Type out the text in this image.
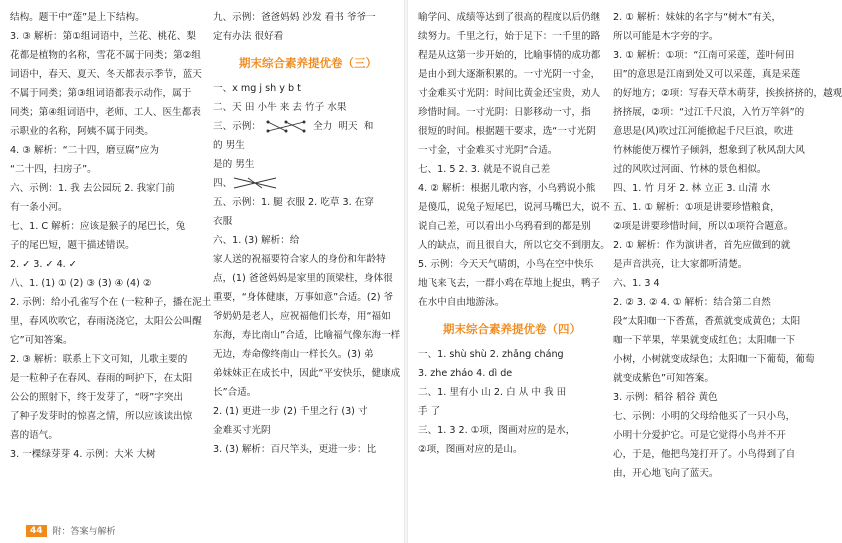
结构。题干中“莲”是上下结构。
3. ③ 解析：第①组词语中，兰花、桃花、梨
花都是植物的名称，雪花不属于同类；第②组
词语中，春天、夏天、冬天都表示季节，蓝天
不属于同类；第③组词语都表示动作，属于
同类；第④组词语中，老师、工人、医生都表
示职业的名称，阿姨不属于同类。
4. ③ 解析：“二十四，磨豆腐”应为
“二十四，扫房子”。
六、示例：1. 我 去公园玩 2. 我家门前
有一条小河。
七、1. C 解析：应该是猴子的尾巴长，兔
子的尾巴短，题干描述错误。
2. ✓ 3. ✓ 4. ✓
八、1. (1) ① (2) ③ (3) ④ (4) ②
2. 示例：给小孔雀写个在 (一粒种子，播在泥土
里，春风吹吹它，春雨浇浇它，太阳公公叫醒
它”可知答案。
2. ③ 解析：联系上下文可知，儿歌主要的
是一粒种子在春风、春雨的呵护下，在太阳
公公的照射下，终于发芽了，“呀”字突出
了种子发芽时的惊喜之情，所以应该读出惊
喜的语气。
3. 一棵绿芽芽 4. 示例：大米 大树
九、示例：爸爸妈妈 沙发 看书 爷爷一
定有办法 很好看
期末综合素养提优卷（三）
一、x mg j sh y b t
二、天 田 小牛 来 去 竹子 水果
三、示例：	全力 明天 和
的 男生
是的 男生
四、
五、示例：1. 腿 衣服 2. 吃草 3. 在穿
衣服
六、1. (3) 解析：给
家人送的祝福要符合家人的身份和年龄特
点，(1) 爸爸妈妈是家里的顶梁柱，身体很
重要，“身体健康，万事如意”合适。(2) 爷
爷奶奶是老人，应祝福他们长寿，用“福如
东海，寿比南山”合适，比喻福气像东海一样
无边，寿命像终南山一样长久。(3) 弟
弟妹妹正在成长中，因此“平安快乐，健康成
长”合适。
2. (1) 更进一步 (2) 千里之行 (3) 寸
金难买寸光阴
3. (3) 解析：百尺竿头，更进一步：比
喻学问、成绩等达到了很高的程度以后仍继
续努力。千里之行，始于足下：一千里的路
程是从这第一步开始的，比喻事情的成功都
是由小到大逐渐积累的。一寸光阴一寸金，
寸金难买寸光阴：时间比黄金还宝贵，劝人
珍惜时间。一寸光阴：日影移动一寸，指
很短的时间。根据题干要求，选“一寸光阴
一寸金，寸金难买寸光阴”合适。
七、1. 5 2. 3. 就是不说自己差
4. ② 解析：根据儿歌内容，小乌鸦说小熊
是傻瓜，说兔子短尾巴，说河马嘴巴大，说不
说自己差，可以看出小乌鸦看到的都是别
人的缺点，而且很自大，所以它交不到朋友。
5. 示例：今天天气晴朗，小鸟在空中快乐
地飞来飞去，一群小鸡在草地上捉虫，鸭子
在水中自由地游泳。
期末综合素养提优卷（四）
一、1. shù shù 2. zhǎng cháng
3. zhe zháo 4. dì de
二、1. 里有小 山 2. 白 从 中 我 田
手 了
三、1. 3 2. ①项，图画对应的是水，
②项，图画对应的是山。
2. ① 解析：妹妹的名字与“树木”有关，
所以可能是木字旁的字。
3. ① 解析：①项：“江南可采莲，莲叶何田
田”的意思是江南到处又可以采莲，真是采莲
的好地方；②项：写春天草木萌芽，挨挨挤挤的，越观
挤挤展，②项：“过江千尺浪，入竹万竿斜”的
意思是(风)吹过江河能掀起千尺巨浪，吹进
竹林能使万棵竹子倾斜，想象到了秋风刮大风
过的风吹过河面、竹林的景色相似。
四、1. 竹 月牙 2. 林 立正 3. 山清 水
五、1. ① 解析：①项是讲要珍惜粮食，
②项是讲要珍惜时间，所以①项符合题意。
2. ① 解析：作为演讲者，首先应做到的就
是声音洪亮，让大家都听清楚。
六、1. 3 4
2. ② 3. ② 4. ① 解析：结合第二自然
段“太阳咖一下香蕉，香蕉就变成黄色；太阳
咖一下苹果，苹果就变成红色；太阳咖一下
小树，小树就变成绿色；太阳咖一下葡萄，葡萄
就变成紫色”可知答案。
3. 示例：稻谷 稻谷 黄色
七、示例：小明的父母给他买了一只小鸟，
小明十分爱护它。可是它觉得小鸟并不开
心，于是，他把鸟笼打开了。小鸟得到了自
由，开心地飞向了蓝天。
44	附：答案与解析
